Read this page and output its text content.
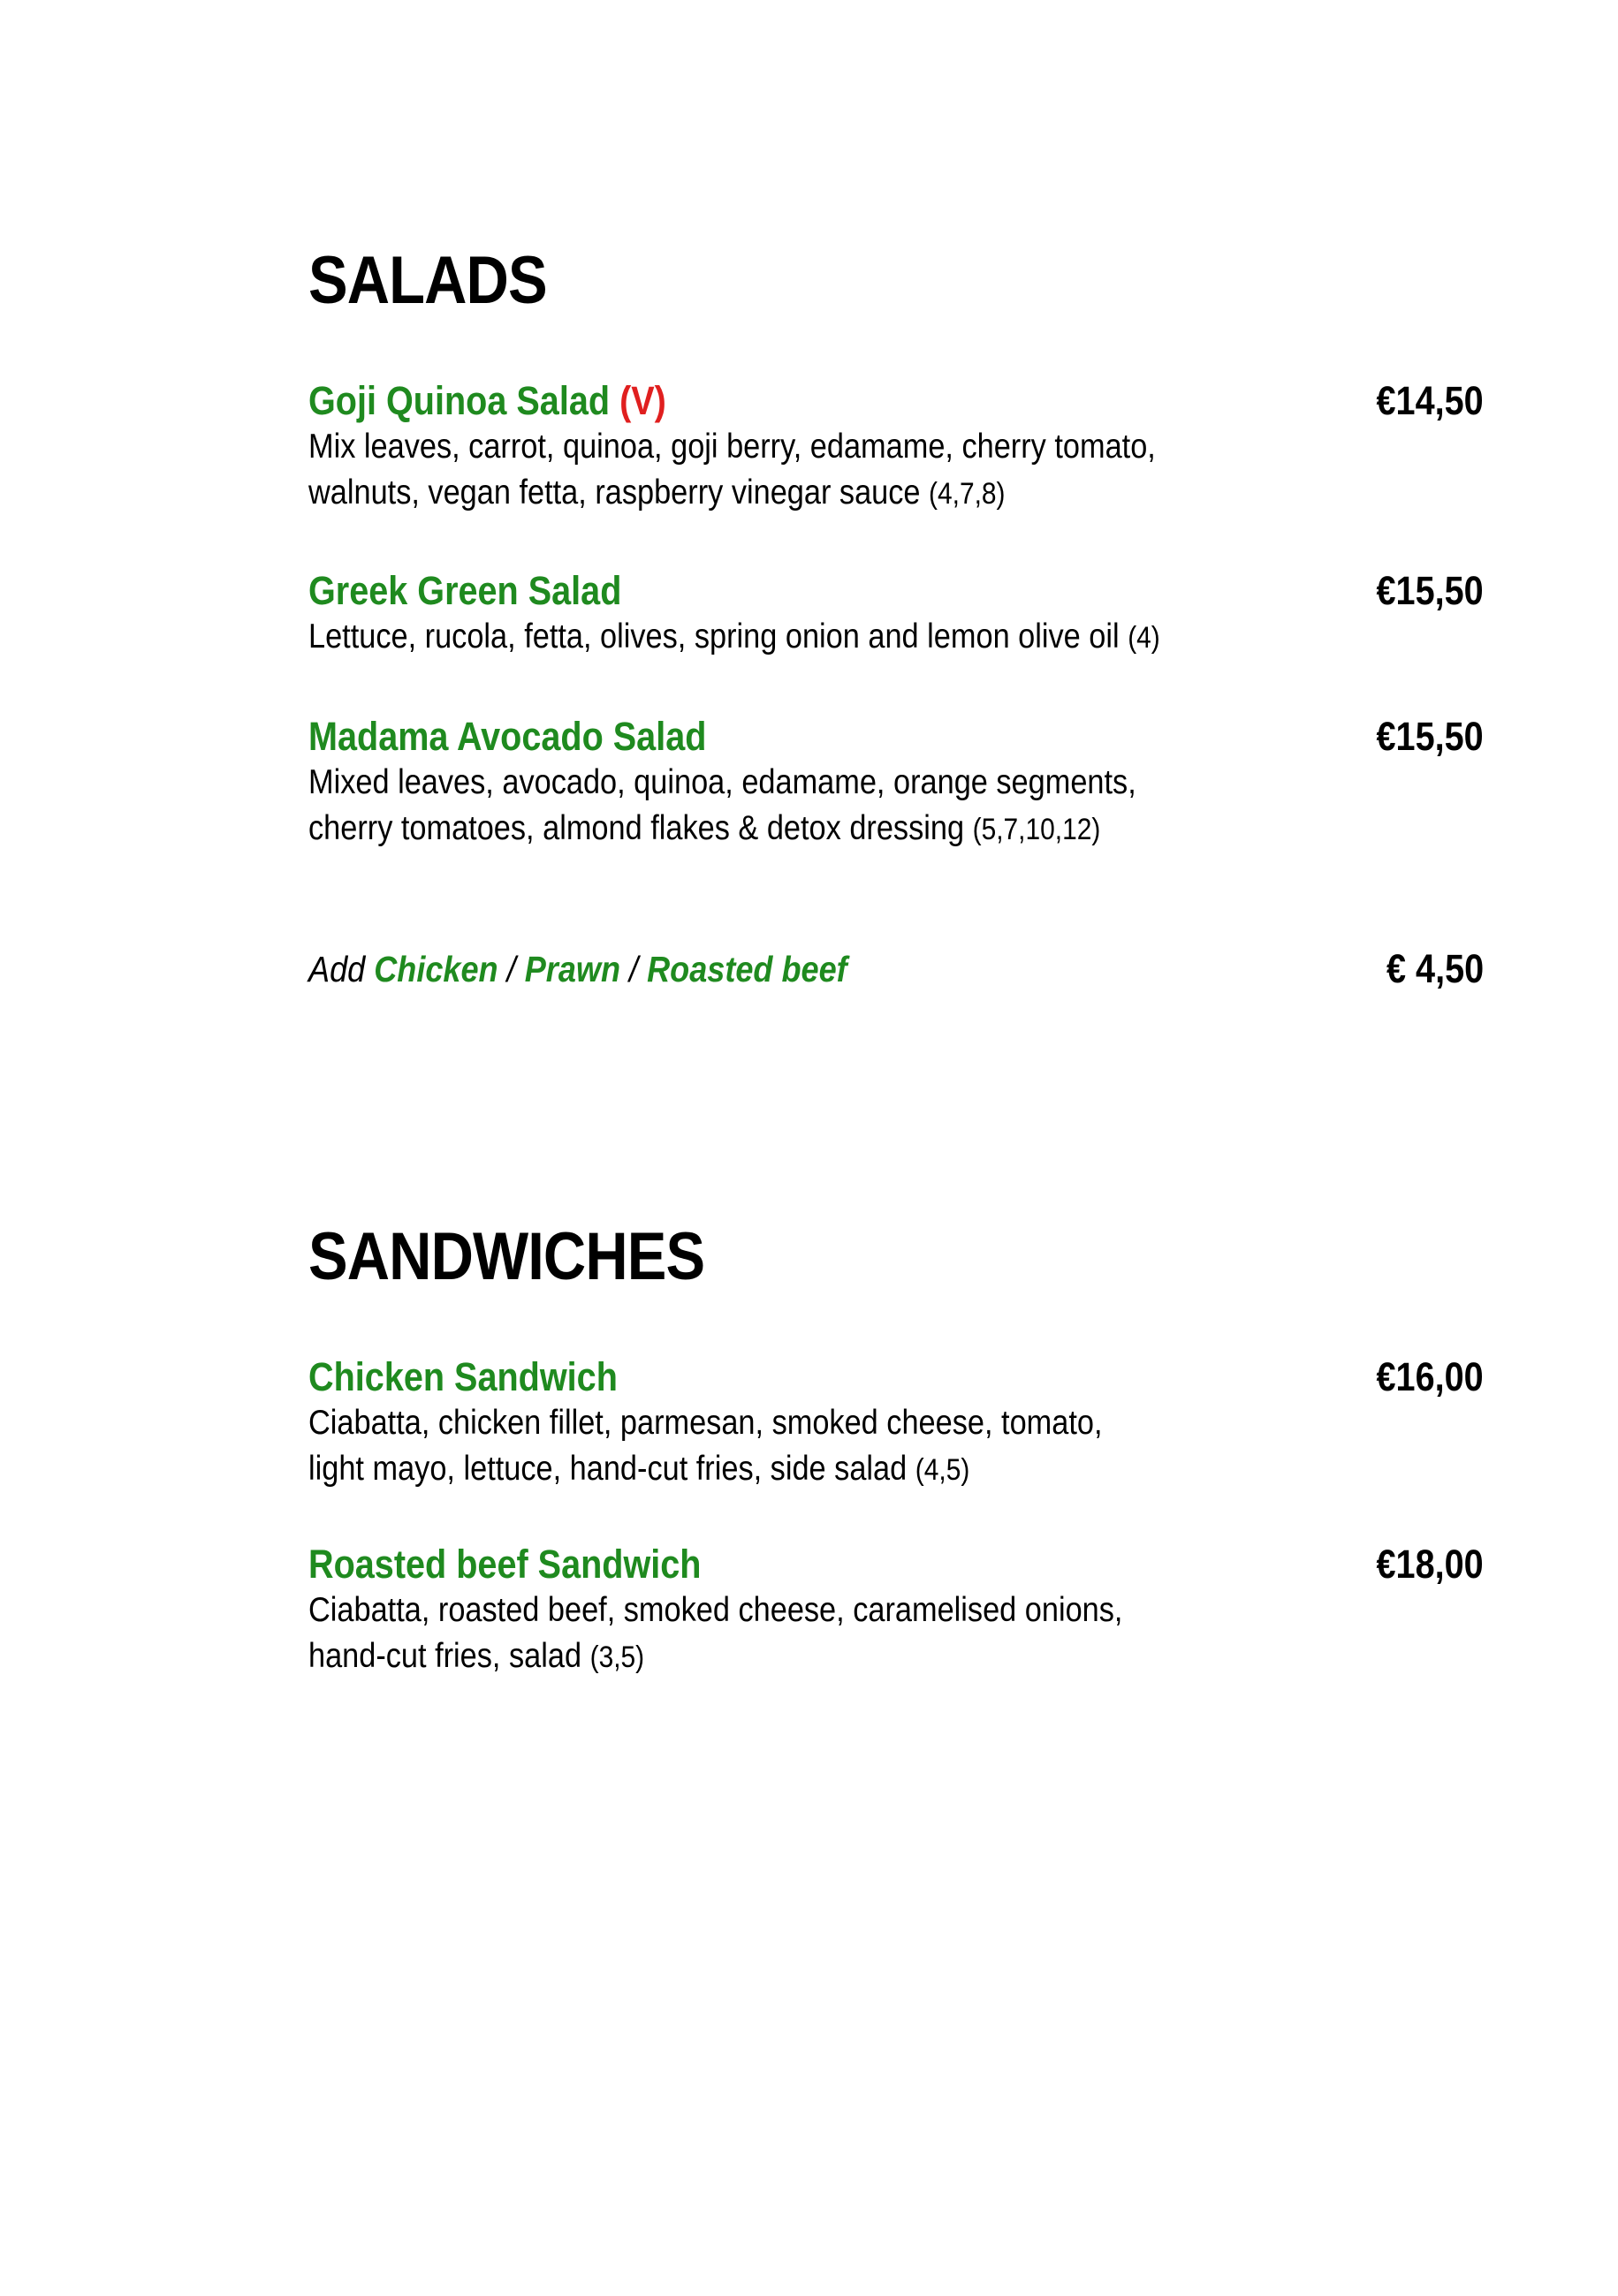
SALADS
Goji Quinoa Salad (V)	€14,50
Mix leaves, carrot, quinoa, goji berry, edamame, cherry tomato,
walnuts, vegan fetta, raspberry vinegar sauce (4,7,8)
Greek Green Salad	€15,50
Lettuce, rucola, fetta, olives, spring onion and lemon olive oil (4)
Madama Avocado Salad	€15,50
Mixed leaves, avocado, quinoa, edamame, orange segments,
cherry tomatoes, almond flakes & detox dressing (5,7,10,12)
Add Chicken / Prawn / Roasted beef	€ 4,50
SANDWICHES
Chicken Sandwich	€16,00
Ciabatta, chicken fillet, parmesan, smoked cheese, tomato,
light mayo, lettuce, hand-cut fries, side salad (4,5)
Roasted beef Sandwich	€18,00
Ciabatta, roasted beef, smoked cheese, caramelised onions,
hand-cut fries, salad (3,5)
